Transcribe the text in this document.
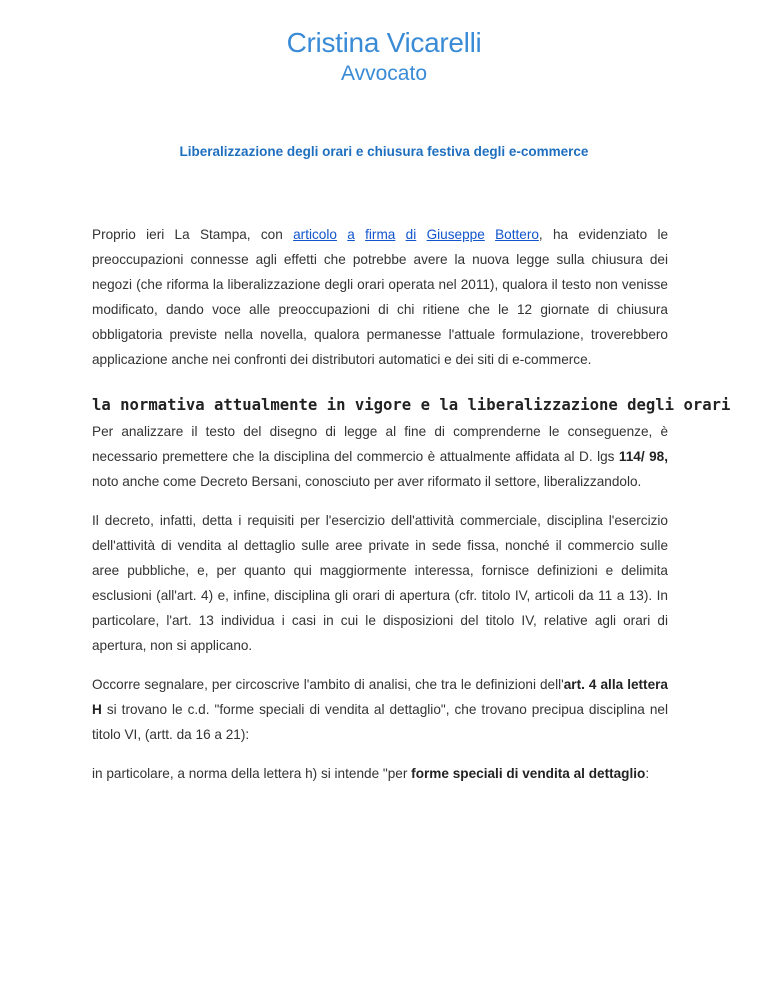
Cristina Vicarelli
Avvocato
Liberalizzazione degli orari e chiusura festiva degli e-commerce

Proprio ieri La Stampa, con articolo a firma di Giuseppe Bottero, ha evidenziato le preoccupazioni connesse agli effetti che potrebbe avere la nuova legge sulla chiusura dei negozi (che riforma la liberalizzazione degli orari operata nel 2011), qualora il testo non venisse modificato, dando voce alle preoccupazioni di chi ritiene che le 12 giornate di chiusura obbligatoria previste nella novella, qualora permanesse l'attuale formulazione, troverebbero applicazione anche nei confronti dei distributori automatici e dei siti di e-commerce.

la normativa attualmente in vigore e la liberalizzazione degli orari

Per analizzare il testo del disegno di legge al fine di comprenderne le conseguenze, è necessario premettere che la disciplina del commercio è attualmente affidata al D. lgs 114/ 98, noto anche come Decreto Bersani, conosciuto per aver riformato il settore, liberalizzandolo.

Il decreto, infatti, detta i requisiti per l'esercizio dell'attività commerciale, disciplina l'esercizio dell'attività di vendita al dettaglio sulle aree private in sede fissa, nonché il commercio sulle aree pubbliche, e, per quanto qui maggiormente interessa, fornisce definizioni e delimita esclusioni (all'art. 4) e, infine, disciplina gli orari di apertura (cfr. titolo IV, articoli da 11 a 13). In particolare, l'art. 13 individua i casi in cui le disposizioni del titolo IV, relative agli orari di apertura, non si applicano.

Occorre segnalare, per circoscrive l'ambito di analisi, che tra le definizioni dell'art. 4 alla lettera H si trovano le c.d. "forme speciali di vendita al dettaglio", che trovano precipua disciplina nel titolo VI, (artt. da 16 a 21):

in particolare, a norma della lettera h) si intende "per forme speciali di vendita al dettaglio:
